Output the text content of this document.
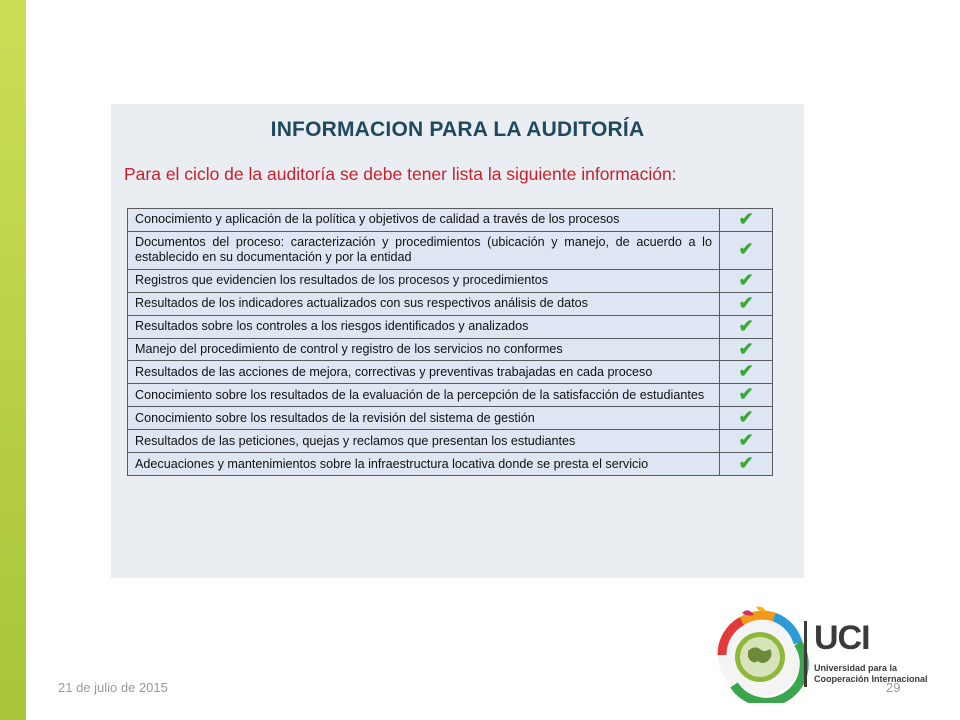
INFORMACION PARA LA AUDITORÍA
Para el ciclo de la auditoría se debe tener lista la siguiente información:
Conocimiento y aplicación de la política y objetivos de calidad a través de los procesos	✔
Documentos del proceso: caracterización y procedimientos (ubicación y manejo, de acuerdo a lo establecido en su documentación y por la entidad	✔
Registros que evidencien los resultados de los procesos y procedimientos	✔
Resultados de los indicadores actualizados con sus respectivos análisis de datos	✔
Resultados sobre los controles a los riesgos identificados y analizados	✔
Manejo del procedimiento de control y registro de los servicios no conformes	✔
Resultados de las acciones de mejora, correctivas y preventivas trabajadas en cada proceso	✔
Conocimiento sobre los resultados de la evaluación de la percepción de la satisfacción de estudiantes	✔
Conocimiento sobre los resultados de la revisión del sistema de gestión	✔
Resultados de las peticiones, quejas y reclamos que presentan los estudiantes	✔
Adecuaciones y mantenimientos sobre la infraestructura locativa donde se presta el servicio	✔
UCI
Universidad para la
Cooperación Internacional
21 de julio de 2015	29
